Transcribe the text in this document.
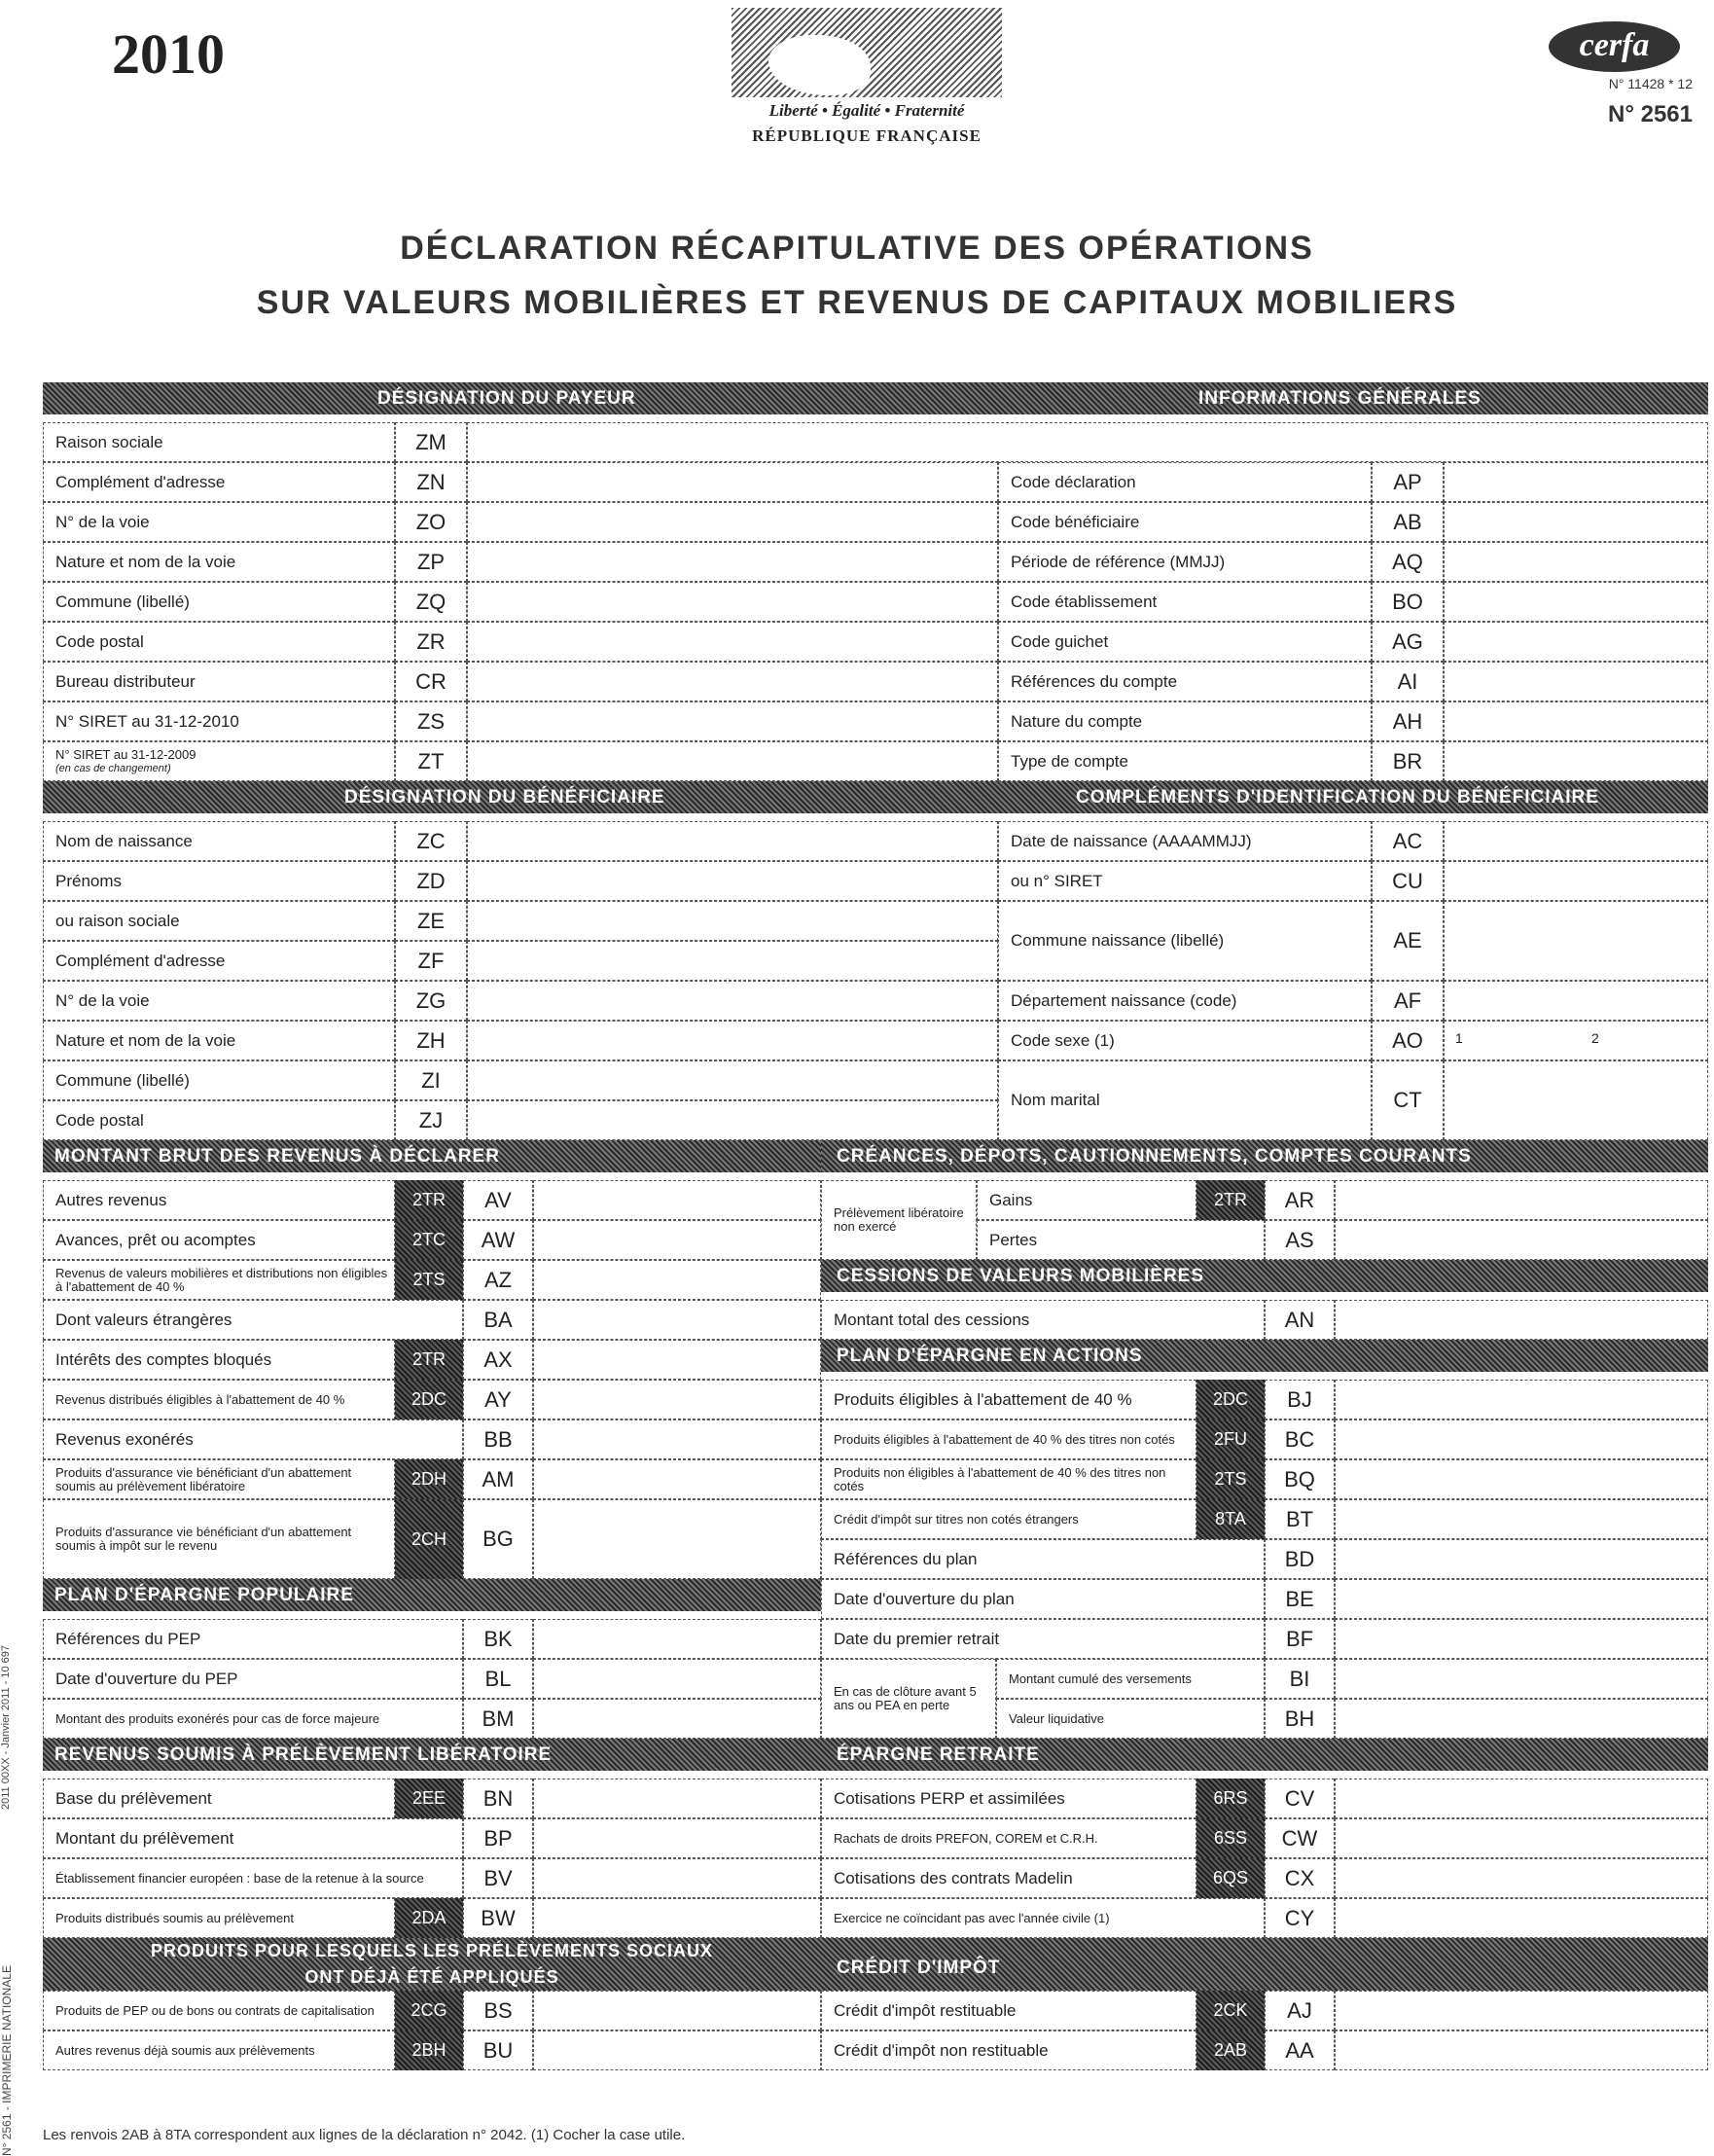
2010
Liberté • Égalité • Fraternité
RÉPUBLIQUE FRANÇAISE
cerfa
N° 11428 * 12
N° 2561
DÉCLARATION RÉCAPITULATIVE DES OPÉRATIONS
SUR VALEURS MOBILIÈRES ET REVENUS DE CAPITAUX MOBILIERS
2011 00XX - Janvier 2011 - 10 697
N° 2561 - IMPRIMERIE NATIONALE
DÉSIGNATION DU PAYEUR	INFORMATIONS GÉNÉRALES
Raison sociale	ZM
Complément d'adresse	ZN
N° de la voie	ZO
Nature et nom de la voie	ZP
Commune (libellé)	ZQ
Code postal	ZR
Bureau distributeur	CR
N° SIRET au 31-12-2010	ZS
N° SIRET au 31-12-2009
(en cas de changement)	ZT
Code déclaration	AP
Code bénéficiaire	AB
Période de référence (MMJJ)	AQ
Code établissement	BO
Code guichet	AG
Références du compte	AI
Nature du compte	AH
Type de compte	BR
DÉSIGNATION DU BÉNÉFICIAIRE	COMPLÉMENTS D'IDENTIFICATION DU BÉNÉFICIAIRE
Nom de naissance	ZC
Prénoms	ZD
ou raison sociale	ZE
Complément d'adresse	ZF
N° de la voie	ZG
Nature et nom de la voie	ZH
Commune (libellé)	ZI
Code postal	ZJ
Date de naissance (AAAAMMJJ)	AC
ou n° SIRET	CU
Commune naissance (libellé)	AE
Département naissance (code)	AF
Code sexe (1)	AO	1	2
Nom marital	CT
MONTANT BRUT DES REVENUS À DÉCLARER	CRÉANCES, DÉPOTS, CAUTIONNEMENTS, COMPTES COURANTS
Autres revenus	2TR	AV
Avances, prêt ou acomptes	2TC	AW
Revenus de valeurs mobilières et distributions non éligibles à l'abattement de 40 %	2TS	AZ
Dont valeurs étrangères	BA
Intérêts des comptes bloqués	2TR	AX
Revenus distribués éligibles à l'abattement de 40 %	2DC	AY
Revenus exonérés	BB
Produits d'assurance vie bénéficiant d'un abattement soumis au prélèvement libératoire	2DH	AM
Produits d'assurance vie bénéficiant d'un abattement soumis à impôt sur le revenu	2CH	BG
Prélèvement libératoire non exercé
Gains	2TR	AR
Pertes	AS
CESSIONS DE VALEURS MOBILIÈRES
Montant total des cessions	AN
PLAN D'ÉPARGNE EN ACTIONS
Produits éligibles à l'abattement de 40 %	2DC	BJ
Produits éligibles à l'abattement de 40 % des titres non cotés	2FU	BC
Produits non éligibles à l'abattement de 40 % des titres non cotés	2TS	BQ
Crédit d'impôt sur titres non cotés étrangers	8TA	BT
Références du plan	BD
Date d'ouverture du plan	BE
Date du premier retrait	BF
En cas de clôture avant 5 ans ou PEA en perte
Montant cumulé des versements	BI
Valeur liquidative	BH
PLAN D'ÉPARGNE POPULAIRE
Références du PEP	BK
Date d'ouverture du PEP	BL
Montant des produits exonérés pour cas de force majeure	BM
REVENUS SOUMIS À PRÉLÈVEMENT LIBÉRATOIRE	ÉPARGNE RETRAITE
Base du prélèvement	2EE	BN
Montant du prélèvement	BP
Établissement financier européen : base de la retenue à la source	BV
Produits distribués soumis au prélèvement	2DA	BW
Cotisations PERP et assimilées	6RS	CV
Rachats de droits PREFON, COREM et C.R.H.	6SS	CW
Cotisations des contrats Madelin	6QS	CX
Exercice ne coïncidant pas avec l'année civile (1)	CY
PRODUITS POUR LESQUELS LES PRÉLÈVEMENTS SOCIAUX
ONT DÉJÀ ÉTÉ APPLIQUÉS	CRÉDIT D'IMPÔT
Produits de PEP ou de bons ou contrats de capitalisation	2CG	BS
Autres revenus déjà soumis aux prélèvements	2BH	BU
Crédit d'impôt restituable	2CK	AJ
Crédit d'impôt non restituable	2AB	AA
Les renvois 2AB à 8TA correspondent aux lignes de la déclaration n° 2042. (1) Cocher la case utile.
